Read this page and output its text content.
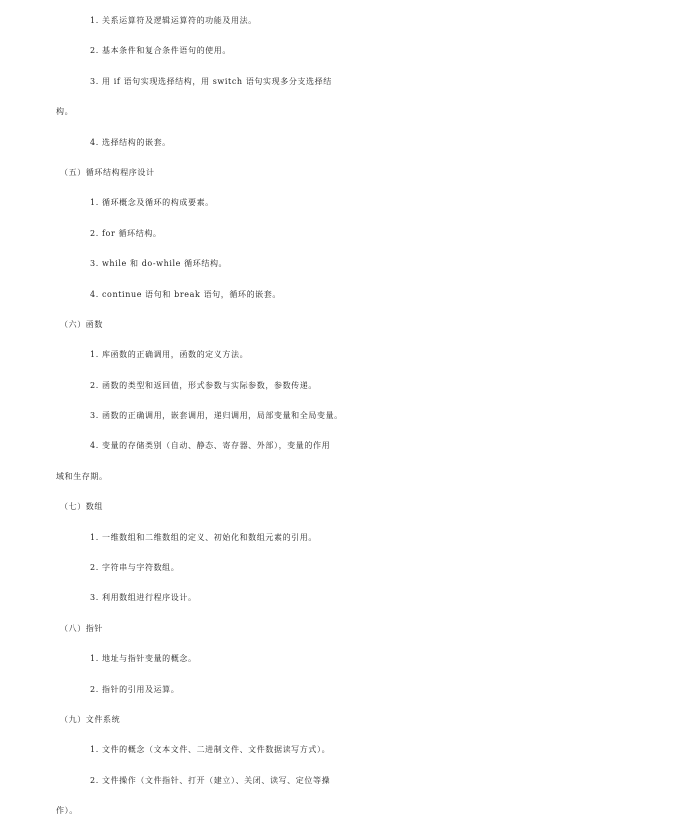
1. 关系运算符及逻辑运算符的功能及用法。
2. 基本条件和复合条件语句的使用。
3. 用 if 语句实现选择结构，用 switch 语句实现多分支选择结
构。
4. 选择结构的嵌套。
（五）循环结构程序设计
1. 循环概念及循环的构成要素。
2. for 循环结构。
3. while 和 do-while 循环结构。
4. continue 语句和 break 语句，循环的嵌套。
（六）函数
1. 库函数的正确调用，函数的定义方法。
2. 函数的类型和返回值，形式参数与实际参数，参数传递。
3. 函数的正确调用，嵌套调用，递归调用，局部变量和全局变量。
4. 变量的存储类别（自动、静态、寄存器、外部），变量的作用
域和生存期。
（七）数组
1. 一维数组和二维数组的定义、初始化和数组元素的引用。
2. 字符串与字符数组。
3. 利用数组进行程序设计。
（八）指针
1. 地址与指针变量的概念。
2. 指针的引用及运算。
（九）文件系统
1. 文件的概念（文本文件、二进制文件、文件数据读写方式）。
2. 文件操作（文件指针、打开（建立）、关闭、读写、定位等操
作）。
